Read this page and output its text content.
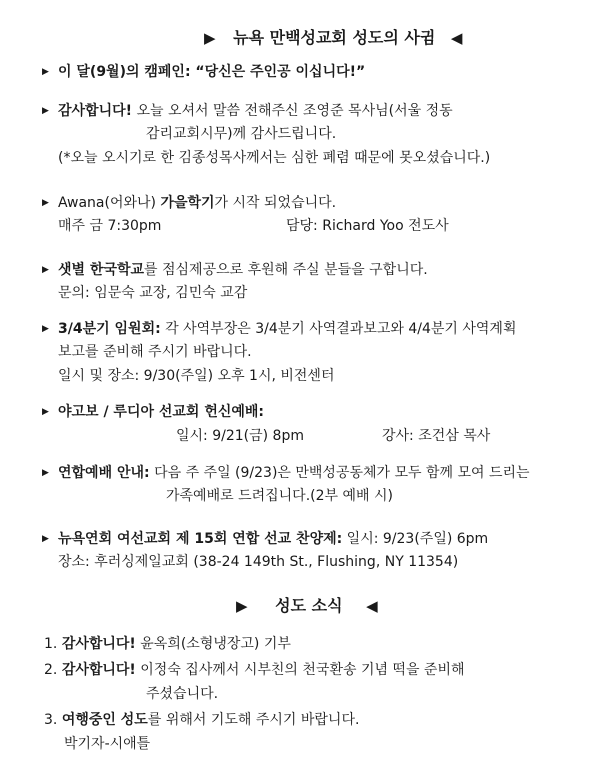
▶ 뉴욕 만백성교회 성도의 사귐 ◀
▶ 이 달(9월)의 캠페인: “당신은 주인공 이십니다!”
▶ 감사합니다! 오늘 오셔서 말씀 전해주신 조영준 목사님(서울 정동
감리교회시무)께 감사드립니다.
(*오늘 오시기로 한 김종성목사께서는 심한 폐렴 때문에 못오셨습니다.)
▶ Awana(어와나) 가을학기가 시작 되었습니다.
매주 금 7:30pm	담당: Richard Yoo 전도사
▶ 샛별 한국학교를 점심제공으로 후원해 주실 분들을 구합니다.
문의: 임문숙 교장, 김민숙 교감
▶ 3/4분기 임원회: 각 사역부장은 3/4분기 사역결과보고와 4/4분기 사역계획
보고를 준비해 주시기 바랍니다.
일시 및 장소: 9/30(주일) 오후 1시, 비전센터
▶ 야고보 / 루디아 선교회 헌신예배:
일시: 9/21(금) 8pm	강사: 조건삼 목사
▶ 연합예배 안내: 다음 주 주일 (9/23)은 만백성공동체가 모두 함께 모여 드리는
가족예배로 드려집니다.(2부 예배 시)
▶ 뉴욕연회 여선교회 제 15회 연합 선교 찬양제: 일시: 9/23(주일) 6pm
장소: 후러싱제일교회 (38-24 149th St., Flushing, NY 11354)
▶ 성도 소식 ◀
1. 감사합니다! 윤옥희(소형냉장고) 기부
2. 감사합니다! 이정숙 집사께서 시부친의 천국환송 기념 떡을 준비해
주셨습니다.
3. 여행중인 성도를 위해서 기도해 주시기 바랍니다.
박기자-시애틀
